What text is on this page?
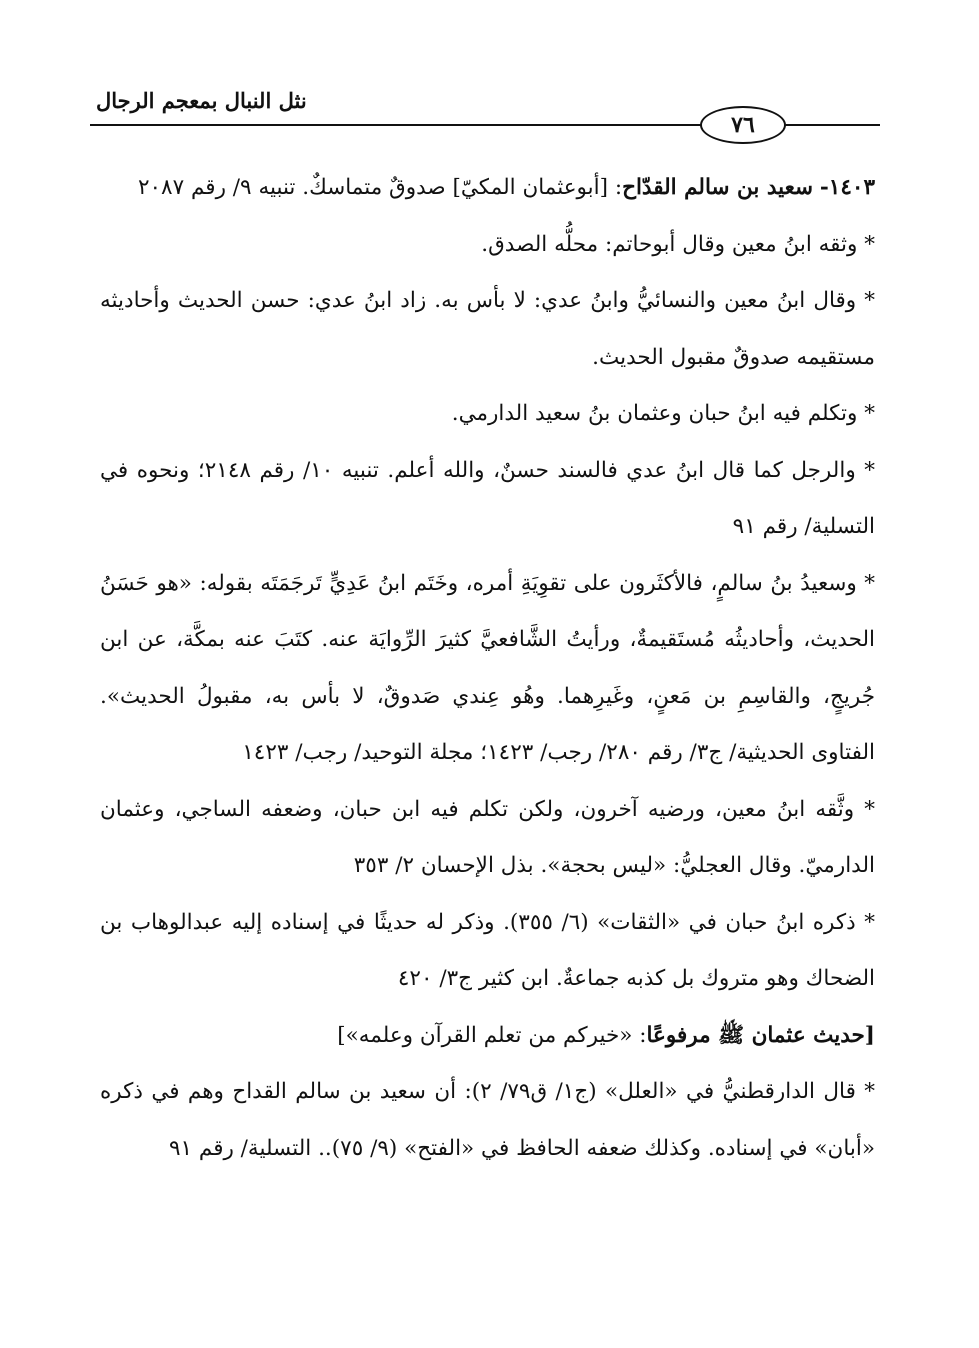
نثل النبال بمعجم الرجال
٧٦

١٤٠٣- سعيد بن سالم القدّاح: [أبوعثمان المكيّ] صدوقٌ متماسكٌ. تنبيه ٩/ رقم ٢٠٨٧

* وثقه ابنُ معين وقال أبوحاتم: محلُّه الصدق.

* وقال ابنُ معين والنسائيُّ وابنُ عدي: لا بأس به. زاد ابنُ عدي: حسن الحديث وأحاديثه مستقيمه صدوقٌ مقبول الحديث.

* وتكلم فيه ابنُ حبان وعثمان بنُ سعيد الدارمي.

* والرجل كما قال ابنُ عدي فالسند حسنٌ، والله أعلم. تنبيه ١٠/ رقم ٢١٤٨؛ ونحوه في التسلية/ رقم ٩١

* وسعيدُ بنُ سالمٍ، فالأكثَرون على تقوِيَةِ أمره، وخَتَم ابنُ عَدِيٍّ تَرجَمَتَه بقوله: «هو حَسَنُ الحديث، وأحاديثُه مُستَقيمةٌ، ورأيتُ الشَّافعيَّ كثيرَ الرِّوايَة عنه. كتَبَ عنه بمكَّة، عن ابن جُريجٍ، والقاسِمِ بن مَعنٍ، وغَيرِهما. وهُو عِندي صَدوقٌ، لا بأس به، مقبولُ الحديث». الفتاوى الحديثية/ ج٣/ رقم ٢٨٠/ رجب/ ١٤٢٣؛ مجلة التوحيد/ رجب/ ١٤٢٣

* وثَّقه ابنُ معين، ورضيه آخرون، ولكن تكلم فيه ابن حبان، وضعفه الساجي، وعثمان الدارميّ. وقال العجليُّ: «ليس بحجة». بذل الإحسان ٢/ ٣٥٣

* ذكره ابنُ حبان في «الثقات» (٦/ ٣٥٥). وذكر له حديثًا في إسناده إليه عبدالوهاب بن الضحاك وهو متروك بل كذبه جماعةٌ. ابن كثير ج٣/ ٤٢٠

[حديث عثمان ﷺ مرفوعًا: «خيركم من تعلم القرآن وعلمه»]

* قال الدارقطنيُّ في «العلل» (ج١/ ق٧٩/ ٢): أن سعيد بن سالم القداح وهم في ذكره «أبان» في إسناده. وكذلك ضعفه الحافظ في «الفتح» (٩/ ٧٥).. التسلية/ رقم ٩١
